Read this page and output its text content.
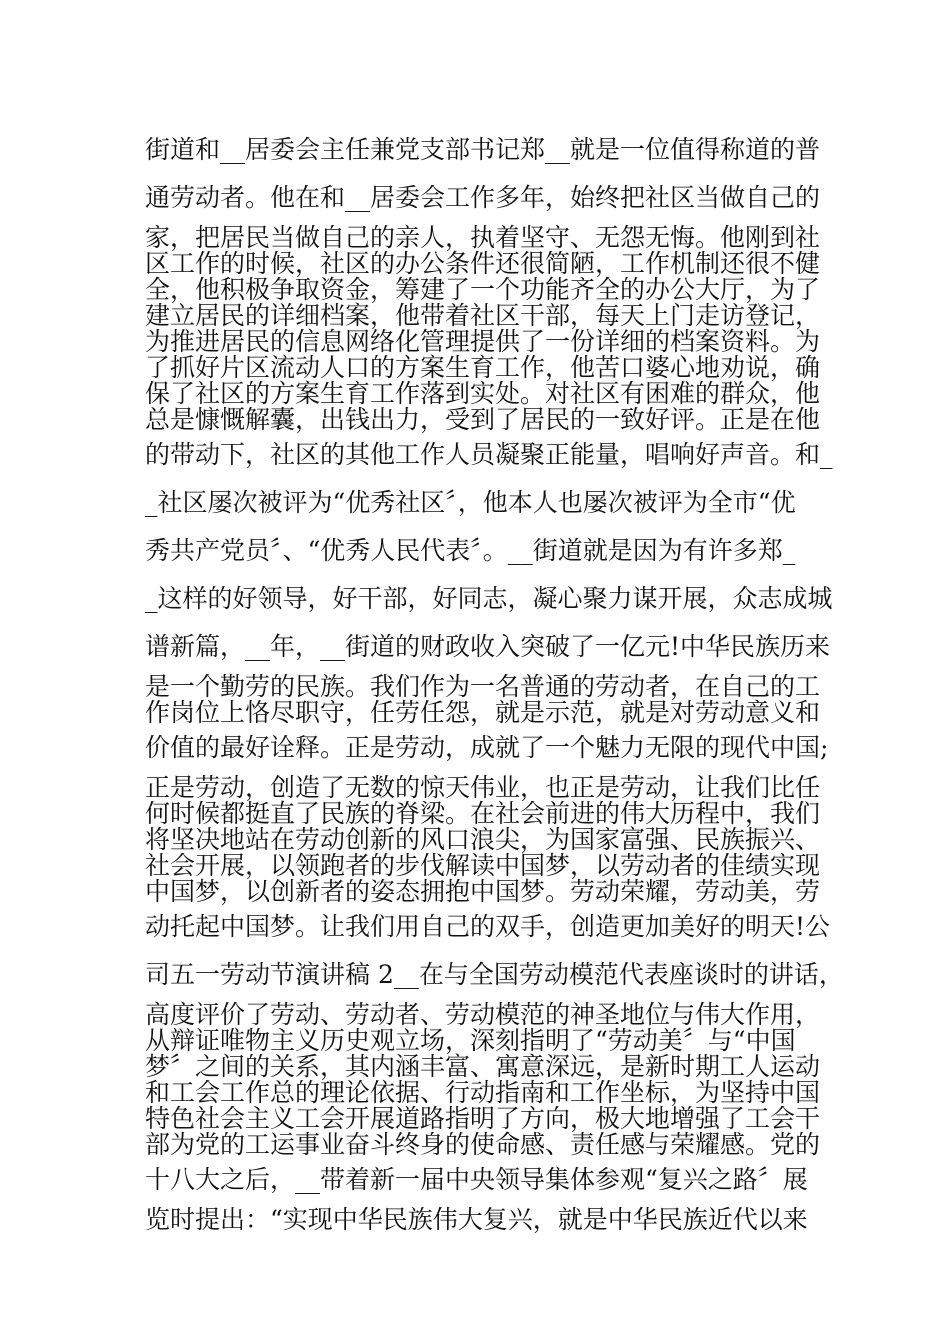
街道和__居委会主任兼党支部书记郑__就是一位值得称道的普
通劳动者。他在和__居委会工作多年，始终把社区当做自己的
家，把居民当做自己的亲人，执着坚守、无怨无悔。他刚到社
区工作的时候，社区的办公条件还很简陋，工作机制还很不健
全，他积极争取资金，筹建了一个功能齐全的办公大厅，为了
建立居民的详细档案，他带着社区干部，每天上门走访登记，
为推进居民的信息网络化管理提供了一份详细的档案资料。为
了抓好片区流动人口的方案生育工作，他苦口婆心地劝说，确
保了社区的方案生育工作落到实处。对社区有困难的群众，他
总是慷慨解囊，出钱出力，受到了居民的一致好评。正是在他
的带动下，社区的其他工作人员凝聚正能量，唱响好声音。和_
_社区屡次被评为“优秀社区〞，他本人也屡次被评为全市“优
秀共产党员〞、“优秀人民代表〞。__街道就是因为有许多郑_
_这样的好领导，好干部，好同志，凝心聚力谋开展，众志成城
谱新篇，__年，__街道的财政收入突破了一亿元!中华民族历来
是一个勤劳的民族。我们作为一名普通的劳动者，在自己的工
作岗位上恪尽职守，任劳任怨，就是示范，就是对劳动意义和
价值的最好诠释。正是劳动，成就了一个魅力无限的现代中国;
正是劳动，创造了无数的惊天伟业，也正是劳动，让我们比任
何时候都挺直了民族的脊梁。在社会前进的伟大历程中，我们
将坚决地站在劳动创新的风口浪尖，为国家富强、民族振兴、
社会开展，以领跑者的步伐解读中国梦，以劳动者的佳绩实现
中国梦，以创新者的姿态拥抱中国梦。劳动荣耀，劳动美，劳
动托起中国梦。让我们用自己的双手，创造更加美好的明天!公
司五一劳动节演讲稿 2__在与全国劳动模范代表座谈时的讲话，
高度评价了劳动、劳动者、劳动模范的神圣地位与伟大作用，
从辩证唯物主义历史观立场，深刻指明了“劳动美〞与“中国
梦〞之间的关系，其内涵丰富、寓意深远，是新时期工人运动
和工会工作总的理论依据、行动指南和工作坐标，为坚持中国
特色社会主义工会开展道路指明了方向，极大地增强了工会干
部为党的工运事业奋斗终身的使命感、责任感与荣耀感。党的
十八大之后，__带着新一届中央领导集体参观“复兴之路〞展
览时提出：“实现中华民族伟大复兴，就是中华民族近代以来
